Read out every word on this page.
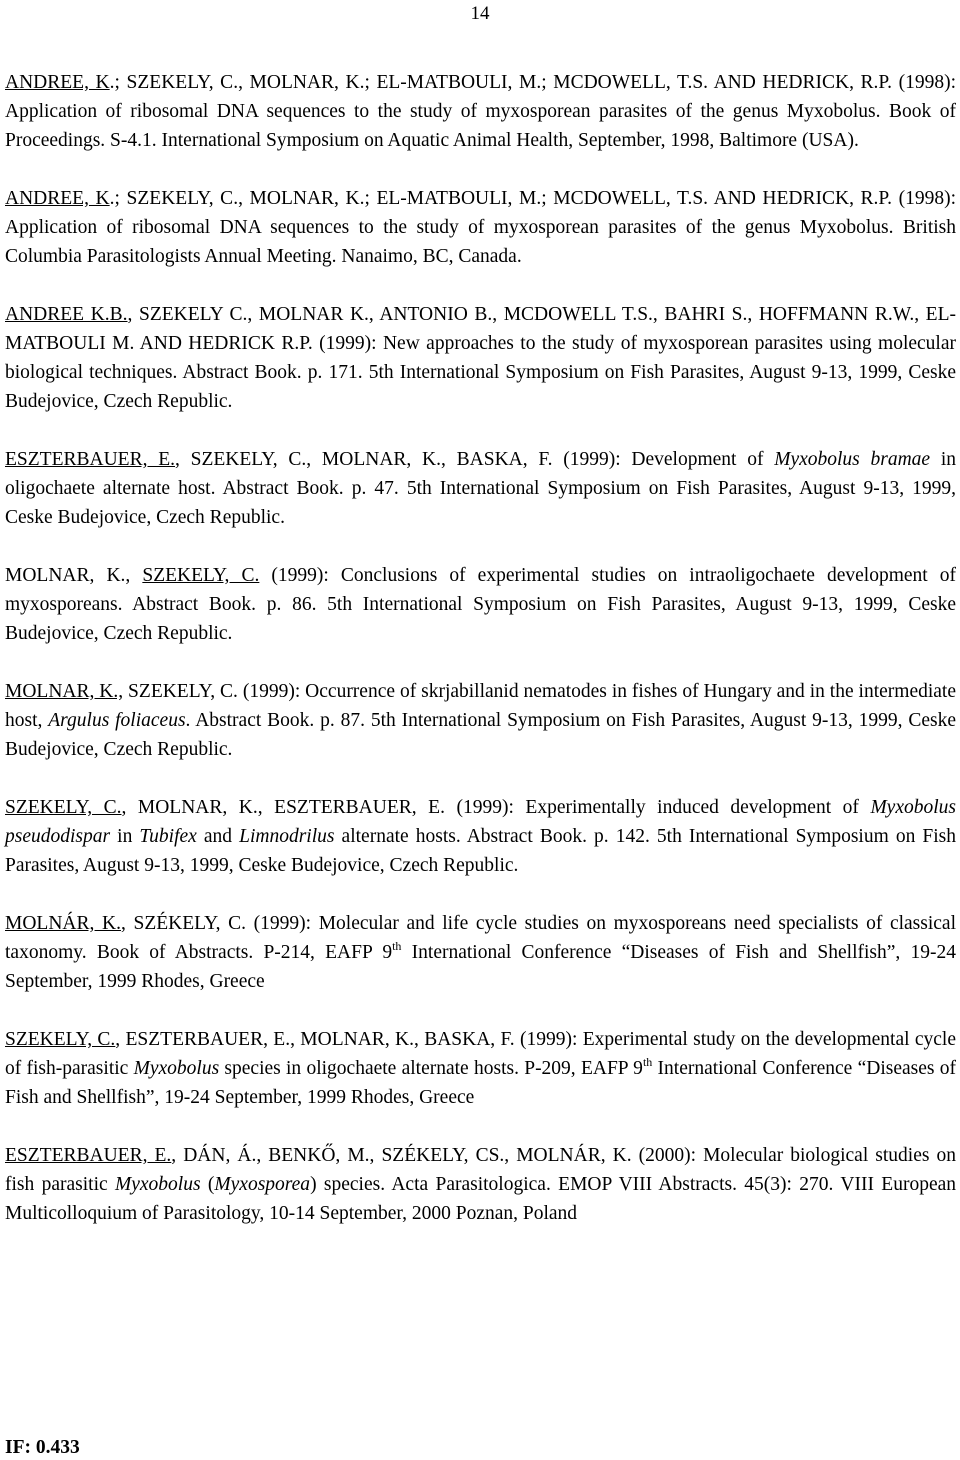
14

ANDREE, K.; SZEKELY, C., MOLNAR, K.; EL-MATBOULI, M.; MCDOWELL, T.S. AND HEDRICK, R.P. (1998): Application of ribosomal DNA sequences to the study of myxosporean parasites of the genus Myxobolus. Book of Proceedings. S-4.1. International Symposium on Aquatic Animal Health, September, 1998, Baltimore (USA).

ANDREE, K.; SZEKELY, C., MOLNAR, K.; EL-MATBOULI, M.; MCDOWELL, T.S. AND HEDRICK, R.P. (1998): Application of ribosomal DNA sequences to the study of myxosporean parasites of the genus Myxobolus. British Columbia Parasitologists Annual Meeting. Nanaimo, BC, Canada.

ANDREE K.B., SZEKELY C., MOLNAR K., ANTONIO B., MCDOWELL T.S., BAHRI S., HOFFMANN R.W., EL-MATBOULI M. AND HEDRICK R.P. (1999): New approaches to the study of myxosporean parasites using molecular biological techniques. Abstract Book. p. 171. 5th International Symposium on Fish Parasites, August 9-13, 1999, Ceske Budejovice, Czech Republic.

ESZTERBAUER, E., SZEKELY, C., MOLNAR, K., BASKA, F. (1999): Development of Myxobolus bramae in oligochaete alternate host. Abstract Book. p. 47. 5th International Symposium on Fish Parasites, August 9-13, 1999, Ceske Budejovice, Czech Republic.

MOLNAR, K., SZEKELY, C. (1999): Conclusions of experimental studies on intraoligochaete development of myxosporeans. Abstract Book. p. 86. 5th International Symposium on Fish Parasites, August 9-13, 1999, Ceske Budejovice, Czech Republic.

MOLNAR, K., SZEKELY, C. (1999): Occurrence of skrjabillanid nematodes in fishes of Hungary and in the intermediate host, Argulus foliaceus. Abstract Book. p. 87. 5th International Symposium on Fish Parasites, August 9-13, 1999, Ceske Budejovice, Czech Republic.

SZEKELY, C., MOLNAR, K., ESZTERBAUER, E. (1999): Experimentally induced development of Myxobolus pseudodispar in Tubifex and Limnodrilus alternate hosts. Abstract Book. p. 142. 5th International Symposium on Fish Parasites, August 9-13, 1999, Ceske Budejovice, Czech Republic.

MOLNÁR, K., SZÉKELY, C. (1999): Molecular and life cycle studies on myxosporeans need specialists of classical taxonomy. Book of Abstracts. P-214, EAFP 9th International Conference “Diseases of Fish and Shellfish”, 19-24 September, 1999 Rhodes, Greece

SZEKELY, C., ESZTERBAUER, E., MOLNAR, K., BASKA, F. (1999): Experimental study on the developmental cycle of fish-parasitic Myxobolus species in oligochaete alternate hosts. P-209, EAFP 9th International Conference “Diseases of Fish and Shellfish”, 19-24 September, 1999 Rhodes, Greece

ESZTERBAUER, E., DÁN, Á., BENKŐ, M., SZÉKELY, CS., MOLNÁR, K. (2000): Molecular biological studies on fish parasitic Myxobolus (Myxosporea) species. Acta Parasitologica. EMOP VIII Abstracts. 45(3): 270. VIII European Multicolloquium of Parasitology, 10-14 September, 2000 Poznan, Poland

IF: 0.433
